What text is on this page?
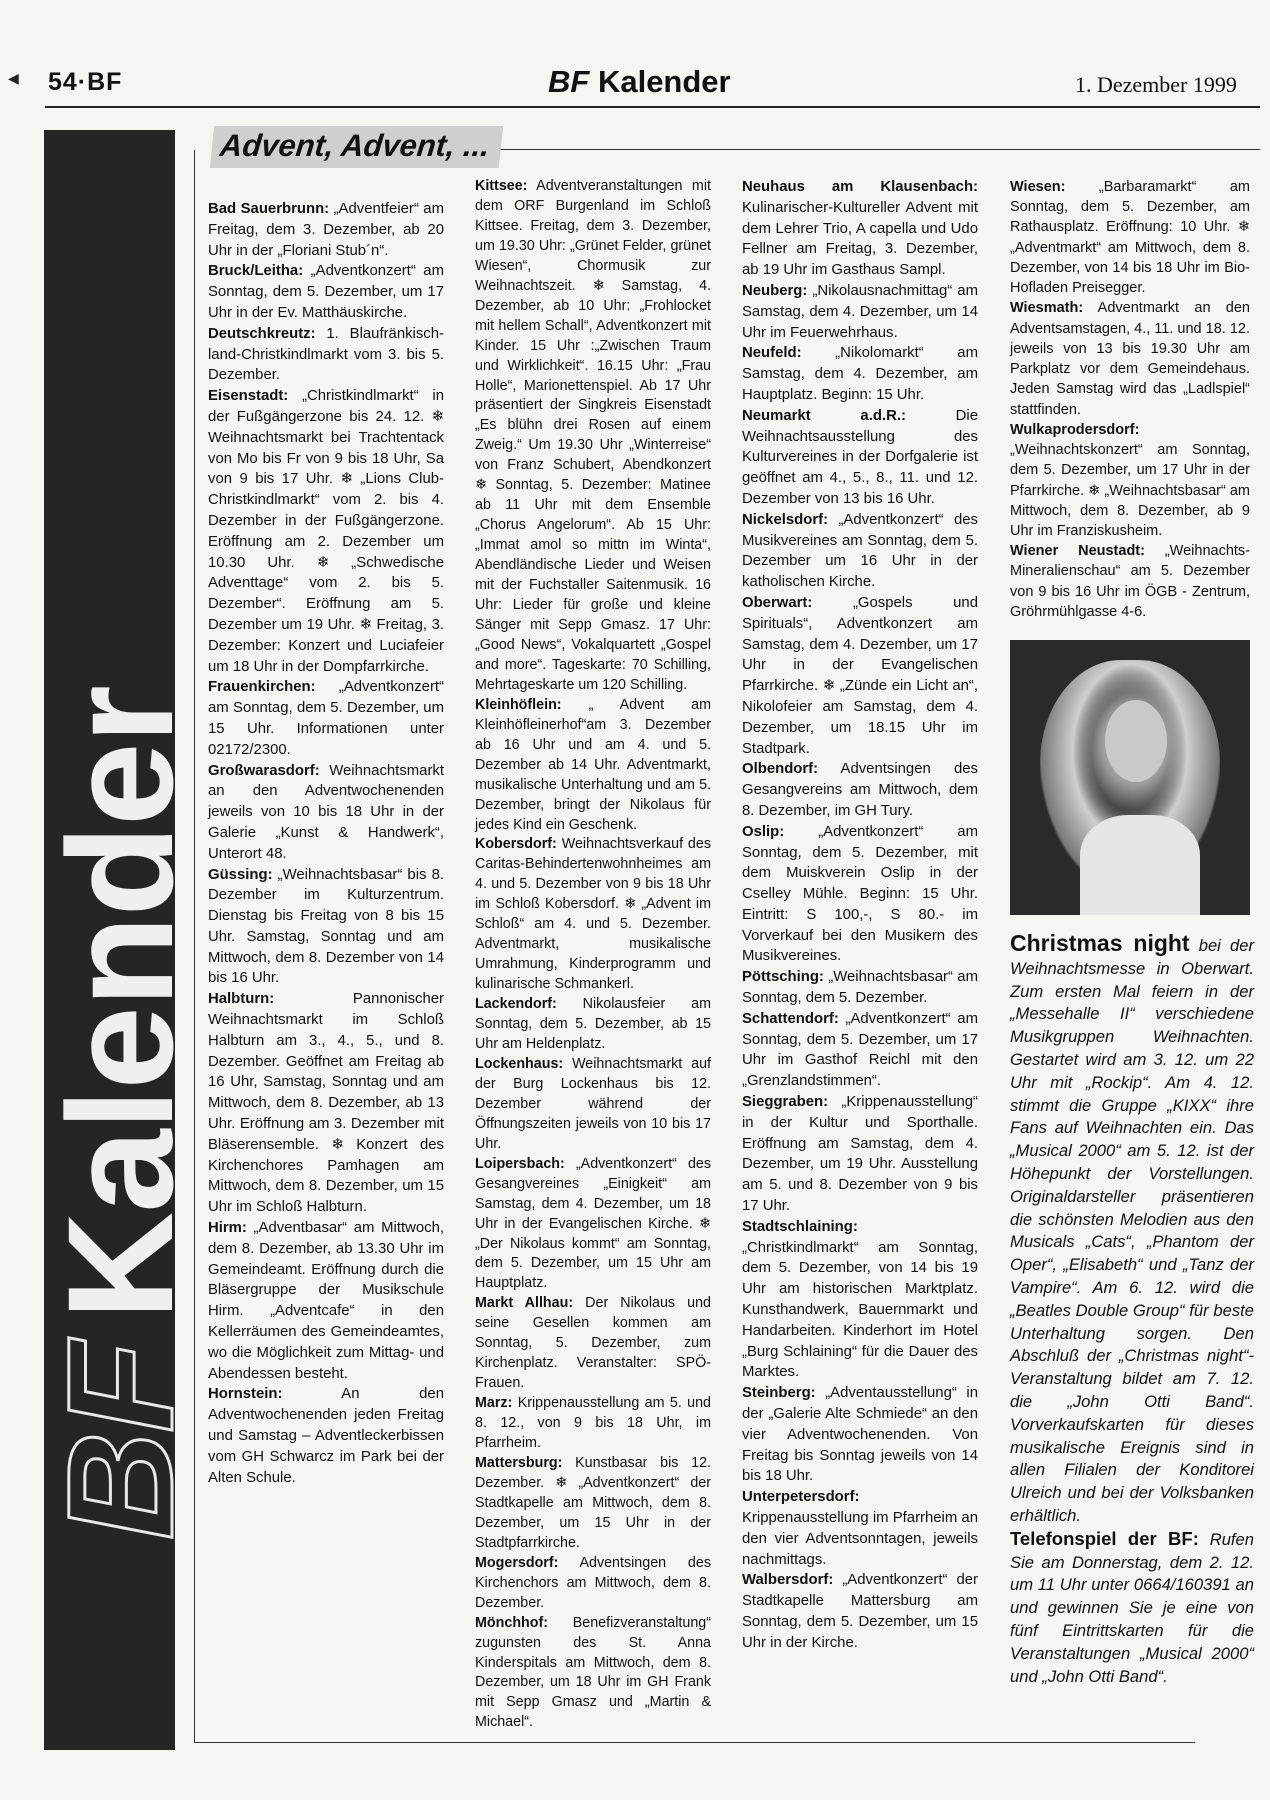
54·BF	BF Kalender	1. Dezember 1999
BFKalender
Advent, Advent, ...

Bad Sauerbrunn: „Adventfeier“ am Freitag, dem 3. Dezember, ab 20 Uhr in der „Floriani Stub´n“.

Bruck/Leitha: „Adventkonzert“ am Sonntag, dem 5. Dezember, um 17 Uhr in der Ev. Matthäuskirche.

Deutschkreutz: 1. Blaufränkisch-land-Christkindlmarkt vom 3. bis 5. Dezember.

Eisenstadt: „Christkindlmarkt“ in der Fußgängerzone bis 24. 12. ❄ Weihnachtsmarkt bei Trachtentack von Mo bis Fr von 9 bis 18 Uhr, Sa von 9 bis 17 Uhr. ❄ „Lions Club-Christkindlmarkt“ vom 2. bis 4. Dezember in der Fußgängerzone. Eröffnung am 2. Dezember um 10.30 Uhr. ❄ „Schwedische Adventtage“ vom 2. bis 5. Dezember“. Eröffnung am 5. Dezember um 19 Uhr. ❄ Freitag, 3. Dezember: Konzert und Luciafeier um 18 Uhr in der Dompfarrkirche.

Frauenkirchen: „Adventkonzert“ am Sonntag, dem 5. Dezember, um 15 Uhr. Informationen unter 02172/2300.

Großwarasdorf: Weihnachtsmarkt an den Adventwochenenden jeweils von 10 bis 18 Uhr in der Galerie „Kunst & Handwerk“, Unterort 48.

Güssing: „Weihnachtsbasar“ bis 8. Dezember im Kulturzentrum. Dienstag bis Freitag von 8 bis 15 Uhr. Samstag, Sonntag und am Mittwoch, dem 8. Dezember von 14 bis 16 Uhr.

Halbturn: Pannonischer Weihnachtsmarkt im Schloß Halbturn am 3., 4., 5., und 8. Dezember. Geöffnet am Freitag ab 16 Uhr, Samstag, Sonntag und am Mittwoch, dem 8. Dezember, ab 13 Uhr. Eröffnung am 3. Dezember mit Bläserensemble. ❄ Konzert des Kirchenchores Pamhagen am Mittwoch, dem 8. Dezember, um 15 Uhr im Schloß Halbturn.

Hirm: „Adventbasar“ am Mittwoch, dem 8. Dezember, ab 13.30 Uhr im Gemeindeamt. Eröffnung durch die Bläsergruppe der Musikschule Hirm. „Adventcafe“ in den Kellerräumen des Gemeindeamtes, wo die Möglichkeit zum Mittag- und Abendessen besteht.

Hornstein: An den Adventwochenenden jeden Freitag und Samstag – Adventleckerbissen vom GH Schwarcz im Park bei der Alten Schule.

Kittsee: Adventveranstaltungen mit dem ORF Burgenland im Schloß Kittsee. Freitag, dem 3. Dezember, um 19.30 Uhr: „Grünet Felder, grünet Wiesen“, Chormusik zur Weihnachtszeit. ❄ Samstag, 4. Dezember, ab 10 Uhr: „Frohlocket mit hellem Schall“, Adventkonzert mit Kinder. 15 Uhr :„Zwischen Traum und Wirklichkeit“. 16.15 Uhr: „Frau Holle“, Marionettenspiel. Ab 17 Uhr präsentiert der Singkreis Eisenstadt „Es blühn drei Rosen auf einem Zweig.“ Um 19.30 Uhr „Winterreise“ von Franz Schubert, Abendkonzert ❄ Sonntag, 5. Dezember: Matinee ab 11 Uhr mit dem Ensemble „Chorus Angelorum“. Ab 15 Uhr: „Immat amol so mittn im Winta“, Abendländische Lieder und Weisen mit der Fuchstaller Saitenmusik. 16 Uhr: Lieder für große und kleine Sänger mit Sepp Gmasz. 17 Uhr: „Good News“, Vokalquartett „Gospel and more“. Tageskarte: 70 Schilling, Mehrtageskarte um 120 Schilling.

Kleinhöflein: „ Advent am Kleinhöfleinerhof“am 3. Dezember ab 16 Uhr und am 4. und 5. Dezember ab 14 Uhr. Adventmarkt, musikalische Unterhaltung und am 5. Dezember, bringt der Nikolaus für jedes Kind ein Geschenk.

Kobersdorf: Weihnachtsverkauf des Caritas-Behindertenwohnheimes am 4. und 5. Dezember von 9 bis 18 Uhr im Schloß Kobersdorf. ❄ „Advent im Schloß“ am 4. und 5. Dezember. Adventmarkt, musikalische Umrahmung, Kinderprogramm und kulinarische Schmankerl.

Lackendorf: Nikolausfeier am Sonntag, dem 5. Dezember, ab 15 Uhr am Heldenplatz.

Lockenhaus: Weihnachtsmarkt auf der Burg Lockenhaus bis 12. Dezember während der Öffnungszeiten jeweils von 10 bis 17 Uhr.

Loipersbach: „Adventkonzert“ des Gesangvereines „Einigkeit“ am Samstag, dem 4. Dezember, um 18 Uhr in der Evangelischen Kirche. ❄ „Der Nikolaus kommt“ am Sonntag, dem 5. Dezember, um 15 Uhr am Hauptplatz.

Markt Allhau: Der Nikolaus und seine Gesellen kommen am Sonntag, 5. Dezember, zum Kirchenplatz. Veranstalter: SPÖ-Frauen.

Marz: Krippenausstellung am 5. und 8. 12., von 9 bis 18 Uhr, im Pfarrheim.

Mattersburg: Kunstbasar bis 12. Dezember. ❄ „Adventkonzert“ der Stadtkapelle am Mittwoch, dem 8. Dezember, um 15 Uhr in der Stadtpfarrkirche.

Mogersdorf: Adventsingen des Kirchenchors am Mittwoch, dem 8. Dezember.

Mönchhof: Benefizveranstaltung“ zugunsten des St. Anna Kinderspitals am Mittwoch, dem 8. Dezember, um 18 Uhr im GH Frank mit Sepp Gmasz und „Martin & Michael“.

Neuhaus am Klausenbach: Kulinarischer-Kultureller Advent mit dem Lehrer Trio, A capella und Udo Fellner am Freitag, 3. Dezember, ab 19 Uhr im Gasthaus Sampl.

Neuberg: „Nikolausnachmittag“ am Samstag, dem 4. Dezember, um 14 Uhr im Feuerwehrhaus.

Neufeld: „Nikolomarkt“ am Samstag, dem 4. Dezember, am Hauptplatz. Beginn: 15 Uhr.

Neumarkt a.d.R.: Die Weihnachtsausstellung des Kulturvereines in der Dorfgalerie ist geöffnet am 4., 5., 8., 11. und 12. Dezember von 13 bis 16 Uhr.

Nickelsdorf: „Adventkonzert“ des Musikvereines am Sonntag, dem 5. Dezember um 16 Uhr in der katholischen Kirche.

Oberwart: „Gospels und Spirituals“, Adventkonzert am Samstag, dem 4. Dezember, um 17 Uhr in der Evangelischen Pfarrkirche. ❄ „Zünde ein Licht an“, Nikolofeier am Samstag, dem 4. Dezember, um 18.15 Uhr im Stadtpark.

Olbendorf: Adventsingen des Gesangvereins am Mittwoch, dem 8. Dezember, im GH Tury.

Oslip: „Adventkonzert“ am Sonntag, dem 5. Dezember, mit dem Muiskverein Oslip in der Cselley Mühle. Beginn: 15 Uhr. Eintritt: S 100,-, S 80.- im Vorverkauf bei den Musikern des Musikvereines.

Pöttsching: „Weihnachtsbasar“ am Sonntag, dem 5. Dezember.

Schattendorf: „Adventkonzert“ am Sonntag, dem 5. Dezember, um 17 Uhr im Gasthof Reichl mit den „Grenzlandstimmen“.

Sieggraben: „Krippenausstellung“ in der Kultur und Sporthalle. Eröffnung am Samstag, dem 4. Dezember, um 19 Uhr. Ausstellung am 5. und 8. Dezember von 9 bis 17 Uhr.

Stadtschlaining: „Christkindlmarkt“ am Sonntag, dem 5. Dezember, von 14 bis 19 Uhr am historischen Marktplatz. Kunsthandwerk, Bauernmarkt und Handarbeiten. Kinderhort im Hotel „Burg Schlaining“ für die Dauer des Marktes.

Steinberg: „Adventausstellung“ in der „Galerie Alte Schmiede“ an den vier Adventwochenenden. Von Freitag bis Sonntag jeweils von 14 bis 18 Uhr.

Unterpetersdorf: Krippenausstellung im Pfarrheim an den vier Adventsonntagen, jeweils nachmittags.

Walbersdorf: „Adventkonzert“ der Stadtkapelle Mattersburg am Sonntag, dem 5. Dezember, um 15 Uhr in der Kirche.

Wiesen: „Barbaramarkt“ am Sonntag, dem 5. Dezember, am Rathausplatz. Eröffnung: 10 Uhr. ❄ „Adventmarkt“ am Mittwoch, dem 8. Dezember, von 14 bis 18 Uhr im Bio-Hofladen Preisegger.

Wiesmath: Adventmarkt an den Adventsamstagen, 4., 11. und 18. 12. jeweils von 13 bis 19.30 Uhr am Parkplatz vor dem Gemeindehaus. Jeden Samstag wird das „Ladlspiel“ stattfinden.

Wulkaprodersdorf: „Weihnachtskonzert“ am Sonntag, dem 5. Dezember, um 17 Uhr in der Pfarrkirche. ❄ „Weihnachtsbasar“ am Mittwoch, dem 8. Dezember, ab 9 Uhr im Franziskusheim.

Wiener Neustadt: „Weihnachts-Mineralienschau“ am 5. Dezember von 9 bis 16 Uhr im ÖGB - Zentrum, Gröhrmühlgasse 4-6.

Christmas night bei der Weihnachtsmesse in Oberwart. Zum ersten Mal feiern in der „Messehalle II“ verschiedene Musikgruppen Weihnachten. Gestartet wird am 3. 12. um 22 Uhr mit „Rockip“. Am 4. 12. stimmt die Gruppe „KIXX“ ihre Fans auf Weihnachten ein. Das „Musical 2000“ am 5. 12. ist der Höhepunkt der Vorstellungen. Originaldarsteller präsentieren die schönsten Melodien aus den Musicals „Cats“, „Phantom der Oper“, „Elisabeth“ und „Tanz der Vampire“. Am 6. 12. wird die „Beatles Double Group“ für beste Unterhaltung sorgen. Den Abschluß der „Christmas night“-Veranstaltung bildet am 7. 12. die „John Otti Band“. Vorverkaufskarten für dieses musikalische Ereignis sind in allen Filialen der Konditorei Ulreich und bei der Volksbanken erhältlich.
Telefonspiel der BF: Rufen Sie am Donnerstag, dem 2. 12. um 11 Uhr unter 0664/160391 an und gewinnen Sie je eine von fünf Eintrittskarten für die Veranstaltungen „Musical 2000“ und „John Otti Band“.
◀
